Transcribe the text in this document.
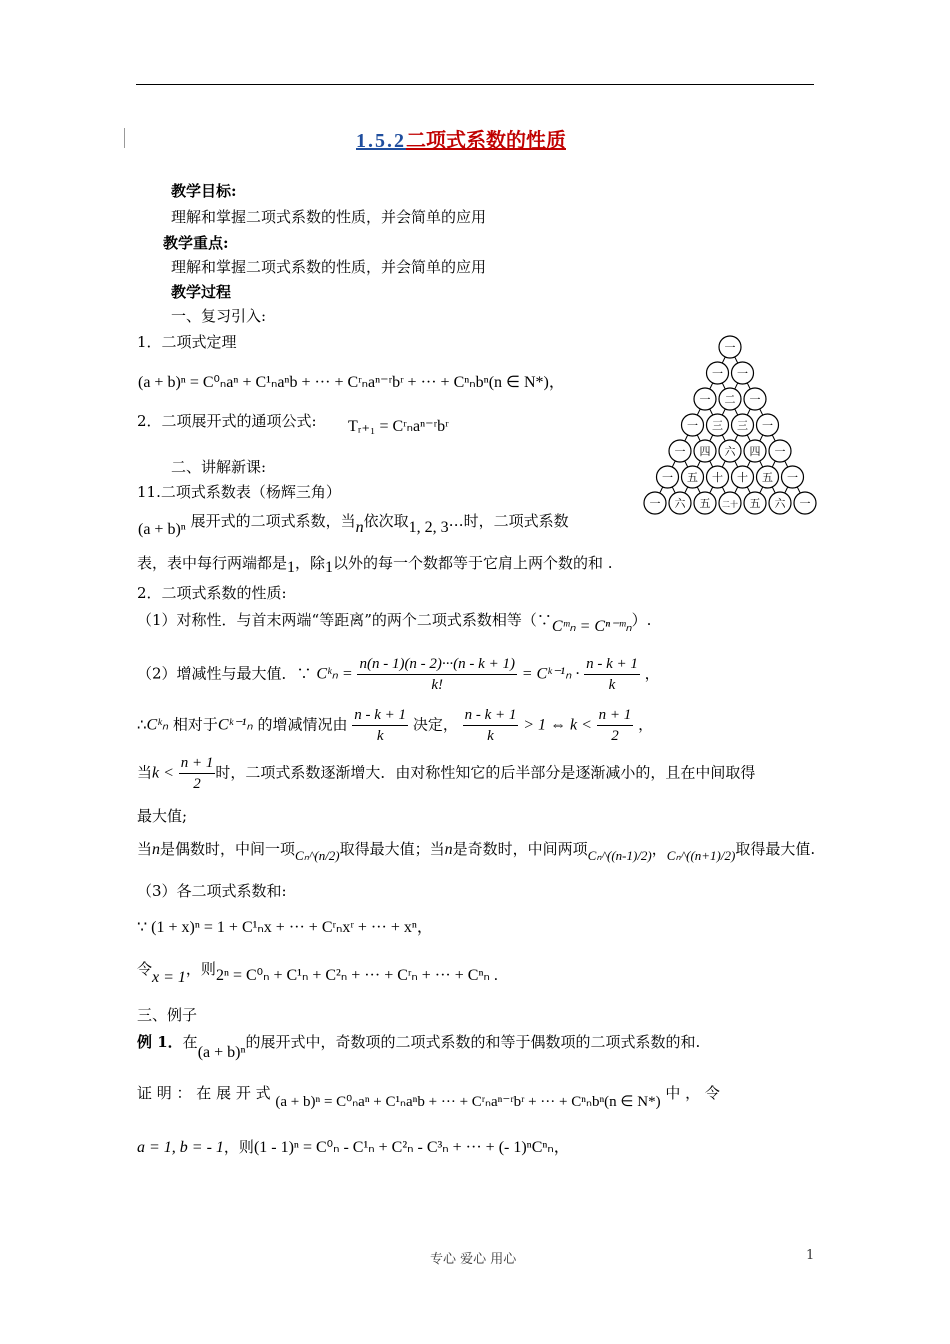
1.5.2二项式系数的性质
教学目标:
理解和掌握二项式系数的性质，并会简单的应用
教学重点:
理解和掌握二项式系数的性质，并会简单的应用
教学过程
一、复习引入:
1．二项式定理
(a + b)ⁿ = C⁰ₙaⁿ + C¹ₙaⁿb + ··· + Cʳₙaⁿ⁻ʳbʳ + ··· + Cⁿₙbⁿ(n ∈ N*)，
2．二项展开式的通项公式: Tᵣ₊₁ = Cʳₙaⁿ⁻ʳbʳ
二、讲解新课:
11.二项式系数表（杨辉三角）
(a + b)ⁿ 展开式的二项式系数，当n依次取1, 2, 3…时，二项式系数
表，表中每行两端都是1，除1以外的每一个数都等于它肩上两个数的和 .
2．二项式系数的性质:
（1）对称性．与首末两端“等距离”的两个二项式系数相等（∵Cᵐₙ = Cⁿ⁻ᵐₙ）.
（2）增减性与最大值．∵ Cᵏₙ = $\frac{n(n - 1)(n - 2)\cdot\cdot\cdot(n - k + 1)}{k!}$ = Cᵏ⁻¹ₙ · $\frac{n - k + 1}{k}$ ，
∴Cᵏₙ 相对于Cᵏ⁻¹ₙ 的增减情况由 $\frac{n - k + 1}{k}$ 决定， $\frac{n - k + 1}{k} > 1$ ⇔ $k < \frac{n + 1}{2}$ ，
当$k < \frac{n + 1}{2}$ 时，二项式系数逐渐增大．由对称性知它的后半部分是逐渐减小的，且在中间取得
最大值;
当n是偶数时，中间一项Cₙ^(n/2)取得最大值；当n是奇数时，中间两项Cₙ^((n-1)/2)，Cₙ^((n+1)/2)取得最大值.
（3）各二项式系数和:
∵ (1 + x)ⁿ = 1 + C¹ₙx + ··· + Cʳₙxʳ + ··· + xⁿ，
令x = 1，则2ⁿ = C⁰ₙ + C¹ₙ + C²ₙ + ··· + Cʳₙ + ··· + Cⁿₙ .
三、例子
例 1．在(a + b)ⁿ的展开式中，奇数项的二项式系数的和等于偶数项的二项式系数的和.
证 明 ： 在 展 开 式 (a + b)ⁿ = C⁰ₙaⁿ + C¹ₙaⁿb + ··· + Cʳₙaⁿ⁻ʳbʳ + ··· + Cⁿₙbⁿ(n ∈ N*) 中 ， 令
a = 1, b = - 1，则(1 - 1)ⁿ = C⁰ₙ - C¹ₙ + C²ₙ - C³ₙ + ··· + (- 1)ⁿCⁿₙ，
一
一 一
一 二 一
一 三 三 一
一 四 六 四 一
一 五 十 十 五 一
一 六 五 二十 五 六 一
专心 爱心 用心	1
